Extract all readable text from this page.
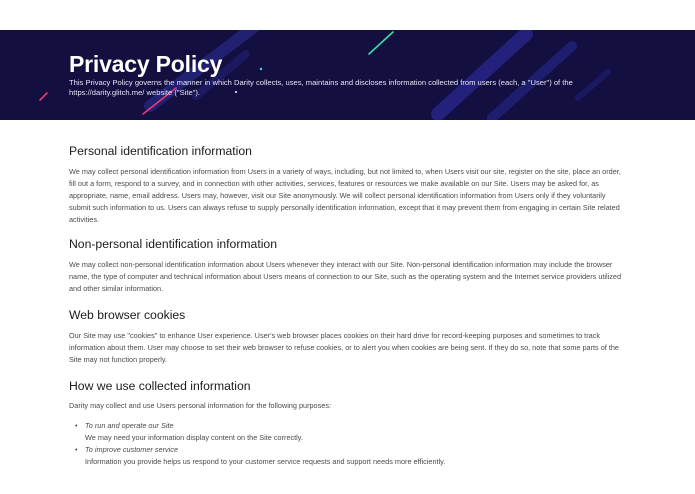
Privacy Policy

This Privacy Policy governs the manner in which Darity collects, uses, maintains and discloses information collected from users (each, a "User") of the https://darity.glitch.me/ website ("Site").

Personal identification information

We may collect personal identification information from Users in a variety of ways, including, but not limited to, when Users visit our site, register on the site, place an order, fill out a form, respond to a survey, and in connection with other activities, services, features or resources we make available on our Site. Users may be asked for, as appropriate, name, email address. Users may, however, visit our Site anonymously. We will collect personal identification information from Users only if they voluntarily submit such information to us. Users can always refuse to supply personally identification information, except that it may prevent them from engaging in certain Site related activities.

Non-personal identification information

We may collect non-personal identification information about Users whenever they interact with our Site. Non-personal identification information may include the browser name, the type of computer and technical information about Users means of connection to our Site, such as the operating system and the Internet service providers utilized and other similar information.

Web browser cookies

Our Site may use "cookies" to enhance User experience. User's web browser places cookies on their hard drive for record-keeping purposes and sometimes to track information about them. User may choose to set their web browser to refuse cookies, or to alert you when cookies are being sent. If they do so, note that some parts of the Site may not function properly.

How we use collected information

Darity may collect and use Users personal information for the following purposes:

• To run and operate our Site
We may need your information display content on the Site correctly.
• To improve customer service
Information you provide helps us respond to your customer service requests and support needs more efficiently.
